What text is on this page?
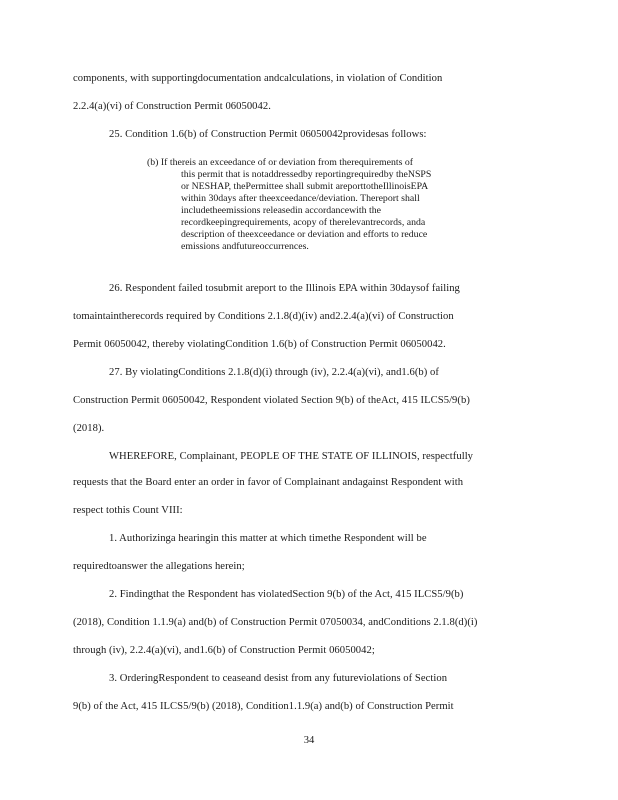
components, with supportingdocumentation andcalculations, in violation of Condition
2.2.4(a)(vi) of Construction Permit 06050042.
25. Condition 1.6(b) of Construction Permit 06050042providesas follows:
(b) If thereis an exceedance of or deviation from therequirements of
this permit that is notaddressedby reportingrequiredby theNSPS
or NESHAP, thePermittee shall submit areporttotheIllinoisEPA
within 30days after theexceedance/deviation. Thereport shall
includetheemissions releasedin accordancewith the
recordkeepingrequirements, acopy of therelevantrecords, anda
description of theexceedance or deviation and efforts to reduce
emissions andfutureoccurrences.
26. Respondent failed tosubmit areport to the Illinois EPA within 30daysof failing
tomaintaintherecords required by Conditions 2.1.8(d)(iv) and2.2.4(a)(vi) of Construction
Permit 06050042, thereby violatingCondition 1.6(b) of Construction Permit 06050042.
27. By violatingConditions 2.1.8(d)(i) through (iv), 2.2.4(a)(vi), and1.6(b) of
Construction Permit 06050042, Respondent violated Section 9(b) of theAct, 415 ILCS5/9(b)
(2018).
WHEREFORE, Complainant, PEOPLE OF THE STATE OF ILLINOIS, respectfully
requests that the Board enter an order in favor of Complainant andagainst Respondent with
respect tothis Count VIII:
1. Authorizinga hearingin this matter at which timethe Respondent will be
requiredtoanswer the allegations herein;
2. Findingthat the Respondent has violatedSection 9(b) of the Act, 415 ILCS5/9(b)
(2018), Condition 1.1.9(a) and(b) of Construction Permit 07050034, andConditions 2.1.8(d)(i)
through (iv), 2.2.4(a)(vi), and1.6(b) of Construction Permit 06050042;
3. OrderingRespondent to ceaseand desist from any futureviolations of Section
9(b) of the Act, 415 ILCS5/9(b) (2018), Condition1.1.9(a) and(b) of Construction Permit
34
